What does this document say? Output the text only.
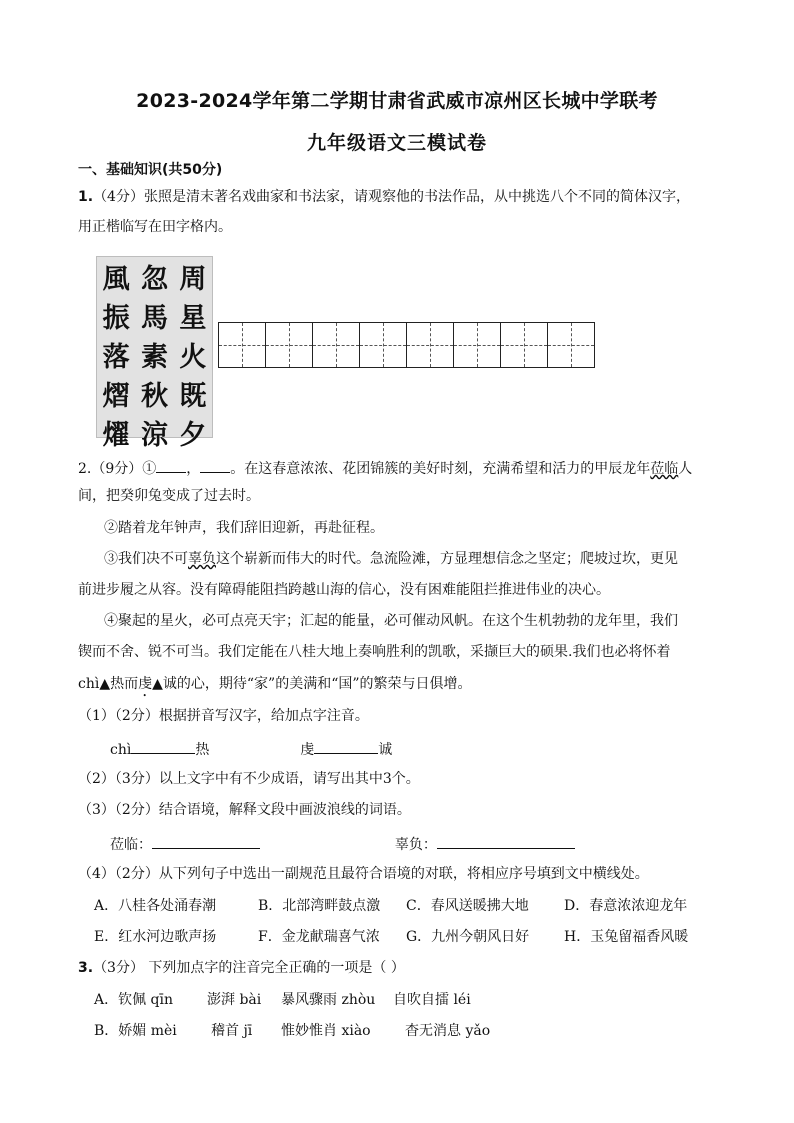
2023-2024学年第二学期甘肃省武威市凉州区长城中学联考
九年级语文三模试卷
一、基础知识(共50分)
1.（4分）张照是清末著名戏曲家和书法家，请观察他的书法作品，从中挑选八个不同的简体汉字，
用正楷临写在田字格内。
風 忽 周
振 馬 星
落 素 火
熠 秋 既
燿 涼 夕
2.（9分）① ， 。在这春意浓浓、花团锦簇的美好时刻，充满希望和活力的甲辰龙年莅临人
间，把癸卯兔变成了过去时。
②踏着龙年钟声，我们辞旧迎新，再赴征程。
③我们决不可辜负这个崭新而伟大的时代。急流险滩，方显理想信念之坚定；爬坡过坎，更见
前进步履之从容。没有障碍能阻挡跨越山海的信心，没有困难能阻拦推进伟业的决心。
④聚起的星火，必可点亮天宇；汇起的能量，必可催动风帆。在这个生机勃勃的龙年里，我们
锲而不舍、锐不可当。我们定能在八桂大地上奏响胜利的凯歌，采撷巨大的硕果.我们也必将怀着
chì▲热而虔▲诚的心，期待“家”的美满和“国”的繁荣与日俱增。
（1）（2分）根据拼音写汉字，给加点字注音。
chì	热	虔	诚
（2）（3分）以上文字中有不少成语，请写出其中3个。
（3）（2分）结合语境，解释文段中画波浪线的词语。
莅临：	辜负：
（4）（2分）从下列句子中选出一副规范且最符合语境的对联，将相应序号填到文中横线处。
A．八桂各处涌春潮	B．北部湾畔鼓点激 C．春风送暖拂大地	D．春意浓浓迎龙年
E．红水河边歌声扬	F．金龙献瑞喜气浓 G．九州今朝风日好 H．玉兔留福香风暖
3.（3分） 下列加点字的注音完全正确的一项是（ ）
A．钦佩 qīn 澎湃 bài 暴风骤雨 zhòu 自吹自擂 léi
B．娇媚 mèi 稽首 jī 惟妙惟肖 xiào 杳无消息 yǎo
